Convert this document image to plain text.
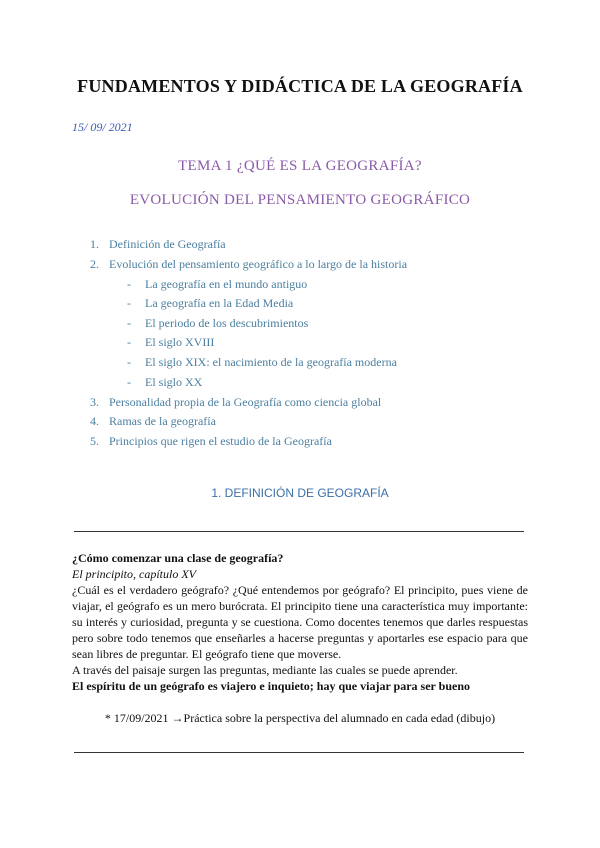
FUNDAMENTOS Y DIDÁCTICA DE LA GEOGRAFÍA
15/ 09/ 2021
TEMA 1 ¿QUÉ ES LA GEOGRAFÍA?
EVOLUCIÓN DEL PENSAMIENTO GEOGRÁFICO
1. Definición de Geografía
2. Evolución del pensamiento geográfico a lo largo de la historia
- La geografía en el mundo antiguo
- La geografía en la Edad Media
- El periodo de los descubrimientos
- El siglo XVIII
- El siglo XIX: el nacimiento de la geografía moderna
- El siglo XX
3. Personalidad propia de la Geografía como ciencia global
4. Ramas de la geografía
5. Principios que rigen el estudio de la Geografía
1. DEFINICIÓN DE GEOGRAFÍA
¿Cómo comenzar una clase de geografía?
El principito, capítulo XV
¿Cuál es el verdadero geógrafo? ¿Qué entendemos por geógrafo? El principito, pues viene de viajar, el geógrafo es un mero burócrata. El principito tiene una característica muy importante: su interés y curiosidad, pregunta y se cuestiona. Como docentes tenemos que darles respuestas pero sobre todo tenemos que enseñarles a hacerse preguntas y aportarles ese espacio para que sean libres de preguntar. El geógrafo tiene que moverse.
A través del paisaje surgen las preguntas, mediante las cuales se puede aprender.
El espíritu de un geógrafo es viajero e inquieto; hay que viajar para ser bueno
* 17/09/2021 →Práctica sobre la perspectiva del alumnado en cada edad (dibujo)
